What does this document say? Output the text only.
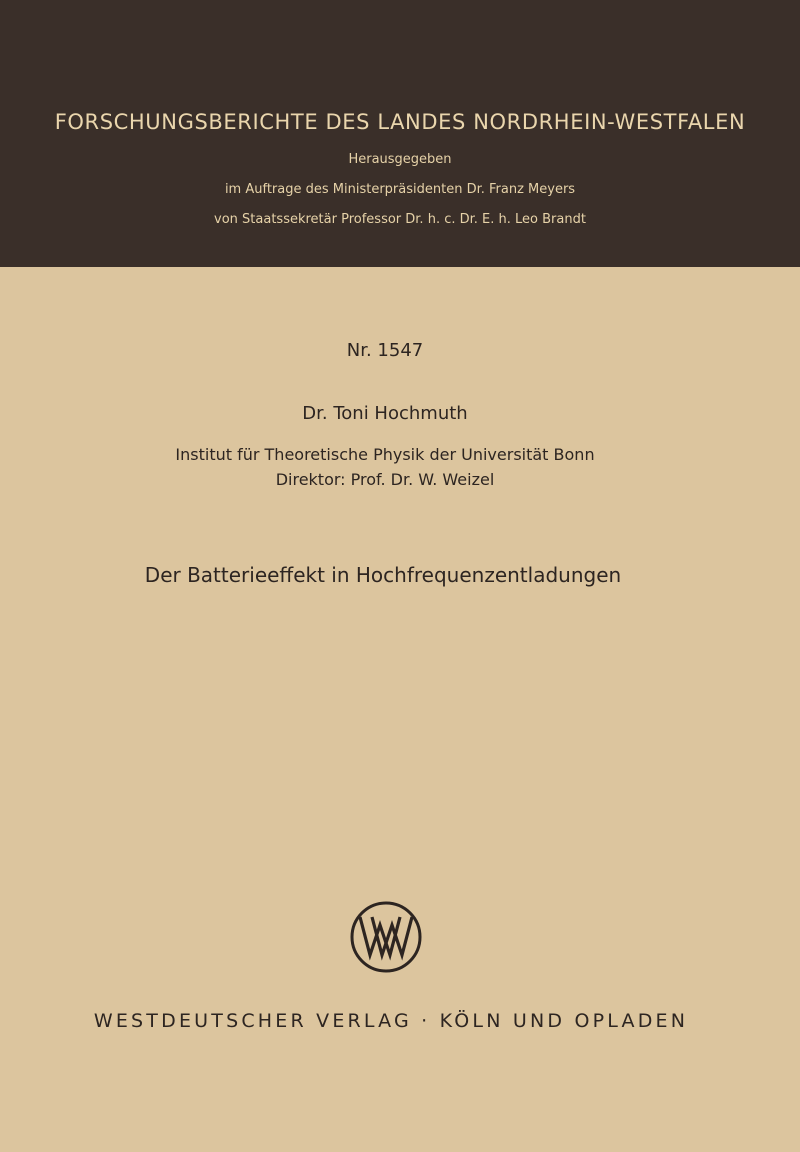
FORSCHUNGSBERICHTE DES LANDES NORDRHEIN-WESTFALEN
Herausgegeben
im Auftrage des Ministerpräsidenten Dr. Franz Meyers
von Staatssekretär Professor Dr. h. c. Dr. E. h. Leo Brandt
Nr. 1547
Dr. Toni Hochmuth
Institut für Theoretische Physik der Universität Bonn
Direktor: Prof. Dr. W. Weizel
Der Batterieeffekt in Hochfrequenzentladungen
WESTDEUTSCHER VERLAG · KÖLN UND OPLADEN
